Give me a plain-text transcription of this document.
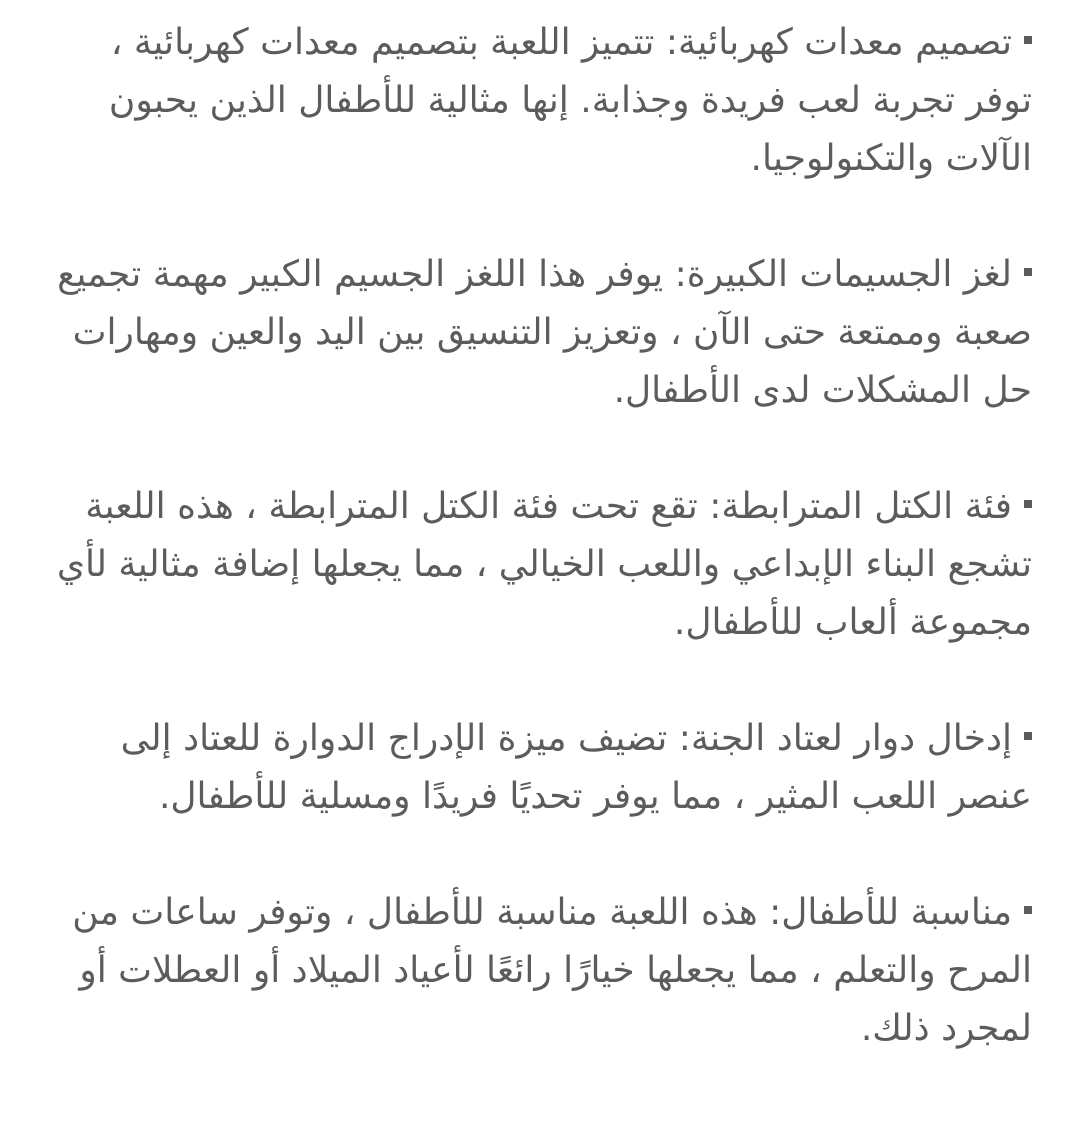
تصميم معدات كهربائية: تتميز اللعبة بتصميم معدات كهربائية ، توفر تجربة لعب فريدة وجذابة. إنها مثالية للأطفال الذين يحبون الآلات والتكنولوجيا.

لغز الجسيمات الكبيرة: يوفر هذا اللغز الجسيم الكبير مهمة تجميع صعبة وممتعة حتى الآن ، وتعزيز التنسيق بين اليد والعين ومهارات حل المشكلات لدى الأطفال.

فئة الكتل المترابطة: تقع تحت فئة الكتل المترابطة ، هذه اللعبة تشجع البناء الإبداعي واللعب الخيالي ، مما يجعلها إضافة مثالية لأي مجموعة ألعاب للأطفال.

إدخال دوار لعتاد الجنة: تضيف ميزة الإدراج الدوارة للعتاد إلى عنصر اللعب المثير ، مما يوفر تحديًا فريدًا ومسلية للأطفال.

مناسبة للأطفال: هذه اللعبة مناسبة للأطفال ، وتوفر ساعات من المرح والتعلم ، مما يجعلها خيارًا رائعًا لأعياد الميلاد أو العطلات أو لمجرد ذلك.
